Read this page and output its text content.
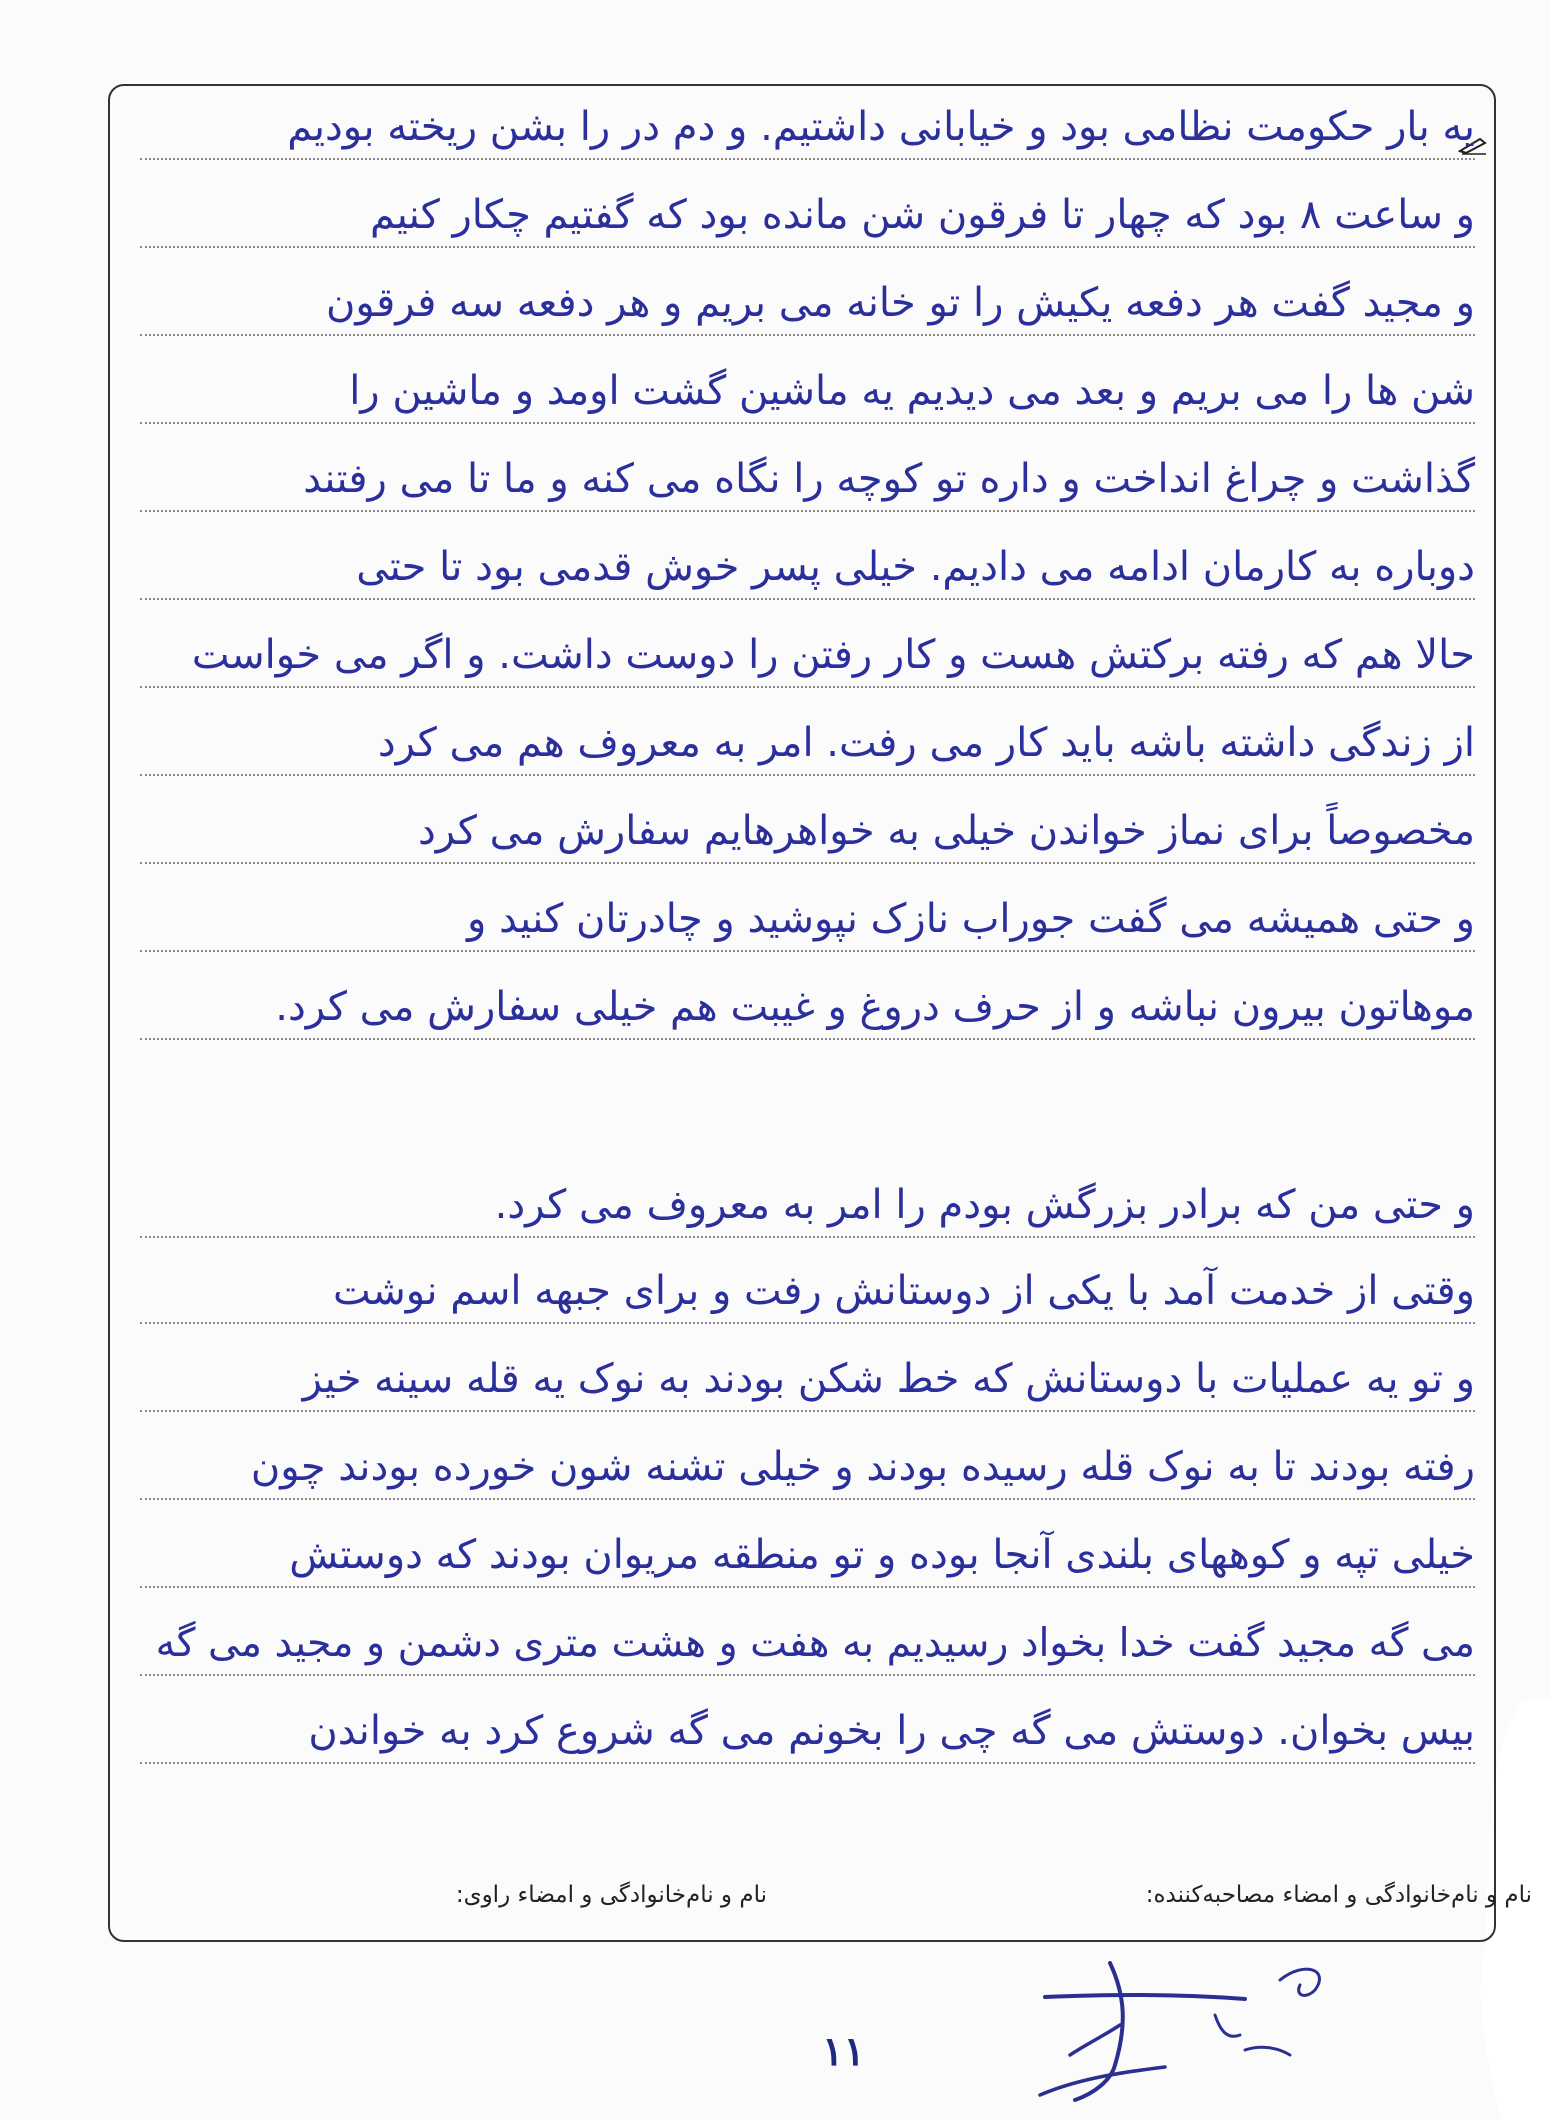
یه بار حکومت نظامی بود و خیابانی داشتیم. و دم در را بشن ریخته بودیم
و ساعت ۸ بود که چهار تا فرقون شن مانده بود که گفتیم چکار کنیم
و مجید گفت هر دفعه یکیش را تو خانه می بریم و هر دفعه سه فرقون
شن ها را می بریم و بعد می دیدیم یه ماشین گشت اومد و ماشین را
گذاشت و چراغ انداخت و داره تو کوچه را نگاه می کنه و ما تا می رفتند
دوباره به کارمان ادامه می دادیم. خیلی پسر خوش قدمی بود تا حتی
حالا هم که رفته برکتش هست و کار رفتن را دوست داشت. و اگر می خواست
از زندگی داشته باشه باید کار می رفت. امر به معروف هم می کرد
مخصوصاً برای نماز خواندن خیلی به خواهرهایم سفارش می کرد
و حتی همیشه می گفت جوراب نازک نپوشید و چادرتان کنید و
موهاتون بیرون نباشه و از حرف دروغ و غیبت هم خیلی سفارش می کرد.
و حتی من که برادر بزرگش بودم را امر به معروف می کرد.
وقتی از خدمت آمد با یکی از دوستانش رفت و برای جبهه اسم نوشت
و تو یه عملیات با دوستانش که خط شکن بودند به نوک یه قله سینه خیز
رفته بودند تا به نوک قله رسیده بودند و خیلی تشنه شون خورده بودند چون
خیلی تپه و کوههای بلندی آنجا بوده و تو منطقه مریوان بودند که دوستش
می گه مجید گفت خدا بخواد رسیدیم به هفت و هشت متری دشمن و مجید می گه
بیس بخوان. دوستش می گه چی را بخونم می گه شروع کرد به خواندن
نام و نام‌خانوادگی و امضاء مصاحبه‌کننده:
نام و نام‌خانوادگی و امضاء راوی:
۱۱
